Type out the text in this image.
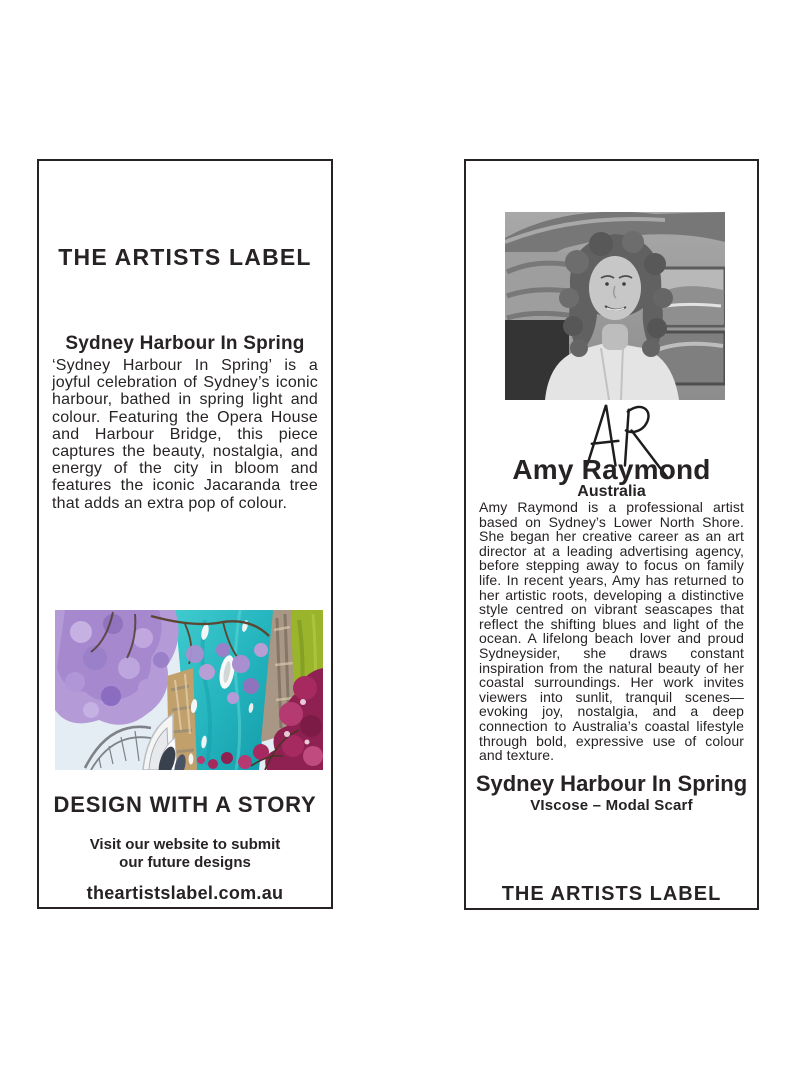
THE ARTISTS LABEL
Sydney Harbour In Spring

‘Sydney Harbour In Spring’ is a joyful celebration of Sydney’s iconic harbour, bathed in spring light and colour. Featuring the Opera House and Harbour Bridge, this piece captures the beauty, nostalgia, and energy of the city in bloom and features the iconic Jacaranda tree that adds an extra pop of colour.

DESIGN WITH A STORY
Visit our website to submit
our future designs
theartistslabel.com.au
Amy Raymond
Australia

Amy Raymond is a professional artist based on Sydney’s Lower North Shore. She began her creative career as an art director at a leading advertising agency, before stepping away to focus on family life. In recent years, Amy has returned to her artistic roots, developing a distinctive style centred on vibrant seascapes that reflect the shifting blues and light of the ocean. A lifelong beach lover and proud Sydneysider, she draws constant inspiration from the natural beauty of her coastal surroundings. Her work invites viewers into sunlit, tranquil scenes—evoking joy, nostalgia, and a deep connection to Australia’s coastal lifestyle through bold, expressive use of colour and texture.

Sydney Harbour In Spring
VIscose – Modal Scarf
THE ARTISTS LABEL
